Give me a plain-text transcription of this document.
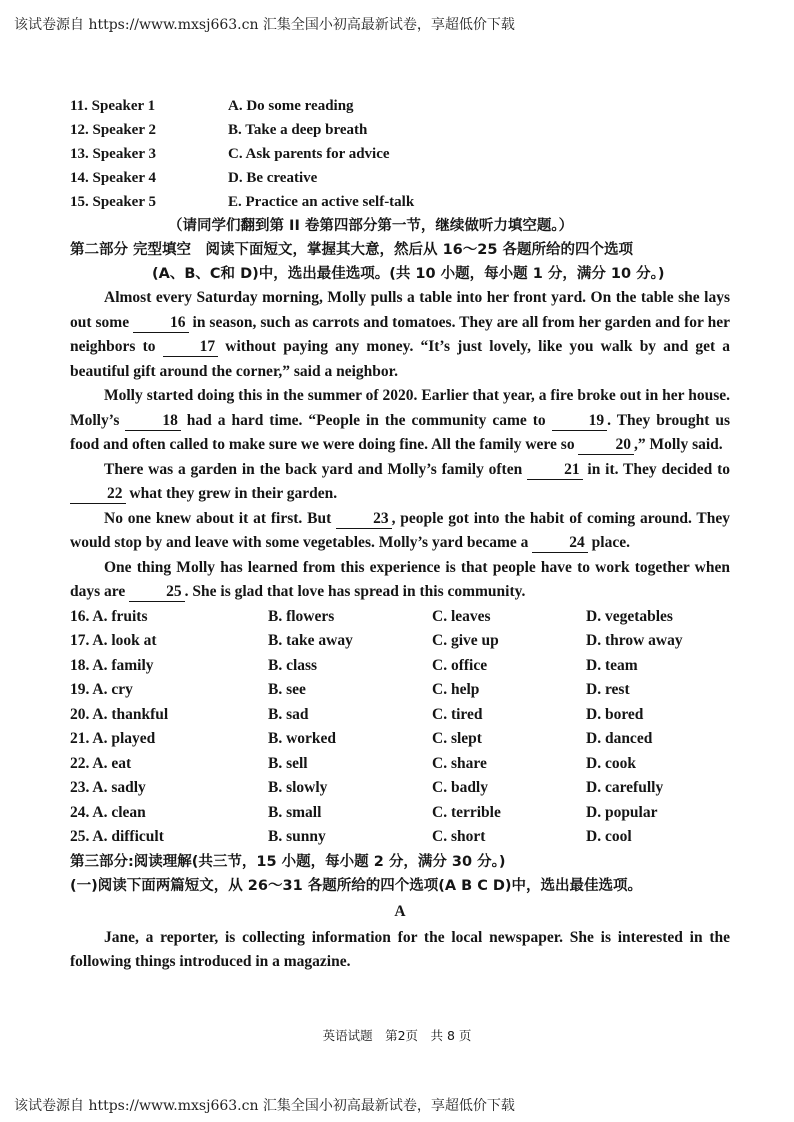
该试卷源自 https://www.mxsj663.cn 汇集全国小初高最新试卷，享超低价下载
11. Speaker 1	A. Do some reading
12. Speaker 2	B. Take a deep breath
13. Speaker 3	C. Ask parents for advice
14. Speaker 4	D. Be creative
15. Speaker 5	E. Practice an active self-talk
（请同学们翻到第 II 卷第四部分第一节，继续做听力填空题。）
第二部分 完型填空　阅读下面短文，掌握其大意，然后从 16～25 各题所给的四个选项
(A、B、C和 D)中，选出最佳选项。(共 10 小题，每小题 1 分，满分 10 分。)

Almost every Saturday morning, Molly pulls a table into her front yard. On the table she lays out some 16 in season, such as carrots and tomatoes. They are all from her garden and for her neighbors to 17 without paying any money. “It’s just lovely, like you walk by and get a beautiful gift around the corner,” said a neighbor.

Molly started doing this in the summer of 2020. Earlier that year, a fire broke out in her house. Molly’s 18 had a hard time. “People in the community came to 19 . They brought us food and often called to make sure we were doing fine. All the family were so 20 ,” Molly said.

There was a garden in the back yard and Molly’s family often 21 in it. They decided to 22 what they grew in their garden.

No one knew about it at first. But 23 , people got into the habit of coming around. They would stop by and leave with some vegetables. Molly’s yard became a 24 place.

One thing Molly has learned from this experience is that people have to work together when days are 25 . She is glad that love has spread in this community.

16. A. fruits	B. flowers	C. leaves	D. vegetables
17. A. look at	B. take away	C. give up	D. throw away
18. A. family	B. class	C. office	D. team
19. A. cry	B. see	C. help	D. rest
20. A. thankful	B. sad	C. tired	D. bored
21. A. played	B. worked	C. slept	D. danced
22. A. eat	B. sell	C. share	D. cook
23. A. sadly	B. slowly	C. badly	D. carefully
24. A. clean	B. small	C. terrible	D. popular
25. A. difficult	B. sunny	C. short	D. cool
第三部分:阅读理解(共三节，15 小题，每小题 2 分，满分 30 分。)
(一)阅读下面两篇短文，从 26～31 各题所给的四个选项(A B C D)中，选出最佳选项。
A

Jane, a reporter, is collecting information for the local newspaper. She is interested in the following things introduced in a magazine.

英语试题　第2页　共 8 页
该试卷源自 https://www.mxsj663.cn 汇集全国小初高最新试卷，享超低价下载
